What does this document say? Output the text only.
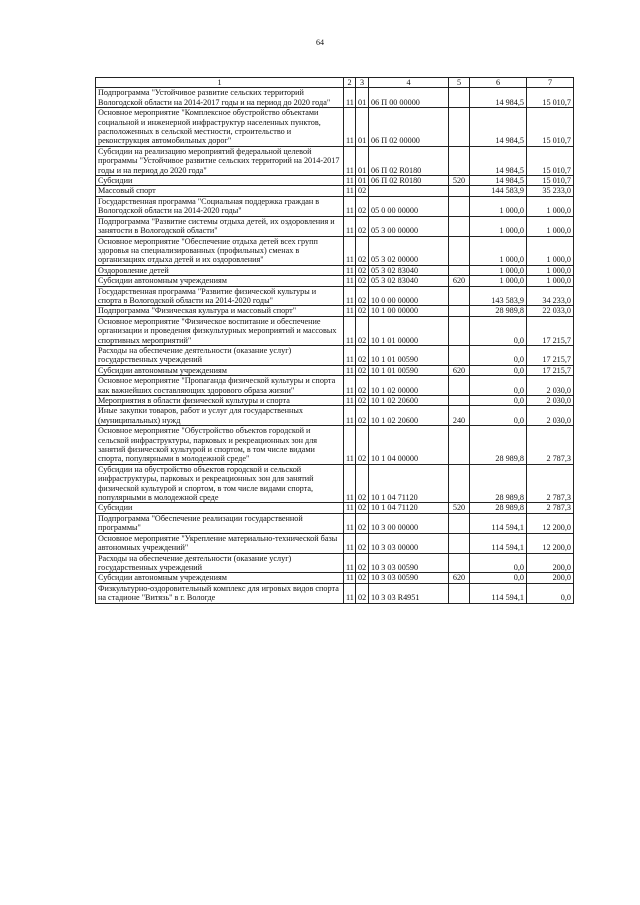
64
1	2	3	4	5	6	7
Подпрограмма "Устойчивое развитие сельских территорий Вологодской области на 2014-2017 годы и на период до 2020 года"	11	01	06 П 00 00000		14 984,5	15 010,7
Основное мероприятие "Комплексное обустройство объектами социальной и инженерной инфраструктур населенных пунктов, расположенных в сельской местности, строительство и реконструкция автомобильных дорог"	11	01	06 П 02 00000		14 984,5	15 010,7
Субсидии на реализацию мероприятий федеральной целевой программы "Устойчивое развитие сельских территорий на 2014-2017 годы и на период до 2020 года"	11	01	06 П 02 R0180		14 984,5	15 010,7
Субсидии	11	01	06 П 02 R0180	520	14 984,5	15 010,7
Массовый спорт	11	02			144 583,9	35 233,0
Государственная программа "Социальная поддержка граждан в Вологодской области на 2014-2020 годы"	11	02	05 0 00 00000		1 000,0	1 000,0
Подпрограмма "Развитие системы отдыха детей, их оздоровления и занятости в Вологодской области"	11	02	05 3 00 00000		1 000,0	1 000,0
Основное мероприятие "Обеспечение отдыха детей всех групп здоровья на специализированных (профильных) сменах в организациях отдыха детей и их оздоровления"	11	02	05 3 02 00000		1 000,0	1 000,0
Оздоровление детей	11	02	05 3 02 83040		1 000,0	1 000,0
Субсидии автономным учреждениям	11	02	05 3 02 83040	620	1 000,0	1 000,0
Государственная программа "Развитие физической культуры и спорта в Вологодской области на 2014-2020 годы"	11	02	10 0 00 00000		143 583,9	34 233,0
Подпрограмма "Физическая культура и массовый спорт"	11	02	10 1 00 00000		28 989,8	22 033,0
Основное мероприятие "Физическое воспитание и обеспечение организации и проведения физкультурных мероприятий и массовых спортивных мероприятий"	11	02	10 1 01 00000		0,0	17 215,7
Расходы на обеспечение деятельности (оказание услуг) государственных учреждений	11	02	10 1 01 00590		0,0	17 215,7
Субсидии автономным учреждениям	11	02	10 1 01 00590	620	0,0	17 215,7
Основное мероприятие "Пропаганда физической культуры и спорта как важнейших составляющих здорового образа жизни"	11	02	10 1 02 00000		0,0	2 030,0
Мероприятия в области физической культуры и спорта	11	02	10 1 02 20600		0,0	2 030,0
Иные закупки товаров, работ и услуг для государственных (муниципальных) нужд	11	02	10 1 02 20600	240	0,0	2 030,0
Основное мероприятие "Обустройство объектов городской и сельской инфраструктуры, парковых и рекреационных зон для занятий физической культурой и спортом, в том числе видами спорта, популярными в молодежной среде"	11	02	10 1 04 00000		28 989,8	2 787,3
Субсидии на обустройство объектов городской и сельской инфраструктуры, парковых и рекреационных зон для занятий физической культурой и спортом, в том числе видами спорта, популярными в молодежной среде	11	02	10 1 04 71120		28 989,8	2 787,3
Субсидии	11	02	10 1 04 71120	520	28 989,8	2 787,3
Подпрограмма "Обеспечение реализации государственной программы"	11	02	10 3 00 00000		114 594,1	12 200,0
Основное мероприятие "Укрепление материально-технической базы автономных учреждений"	11	02	10 3 03 00000		114 594,1	12 200,0
Расходы на обеспечение деятельности (оказание услуг) государственных учреждений	11	02	10 3 03 00590		0,0	200,0
Субсидии автономным учреждениям	11	02	10 3 03 00590	620	0,0	200,0
Физкультурно-оздоровительный комплекс для игровых видов спорта на стадионе "Витязь" в г. Вологде	11	02	10 3 03 R4951		114 594,1	0,0
